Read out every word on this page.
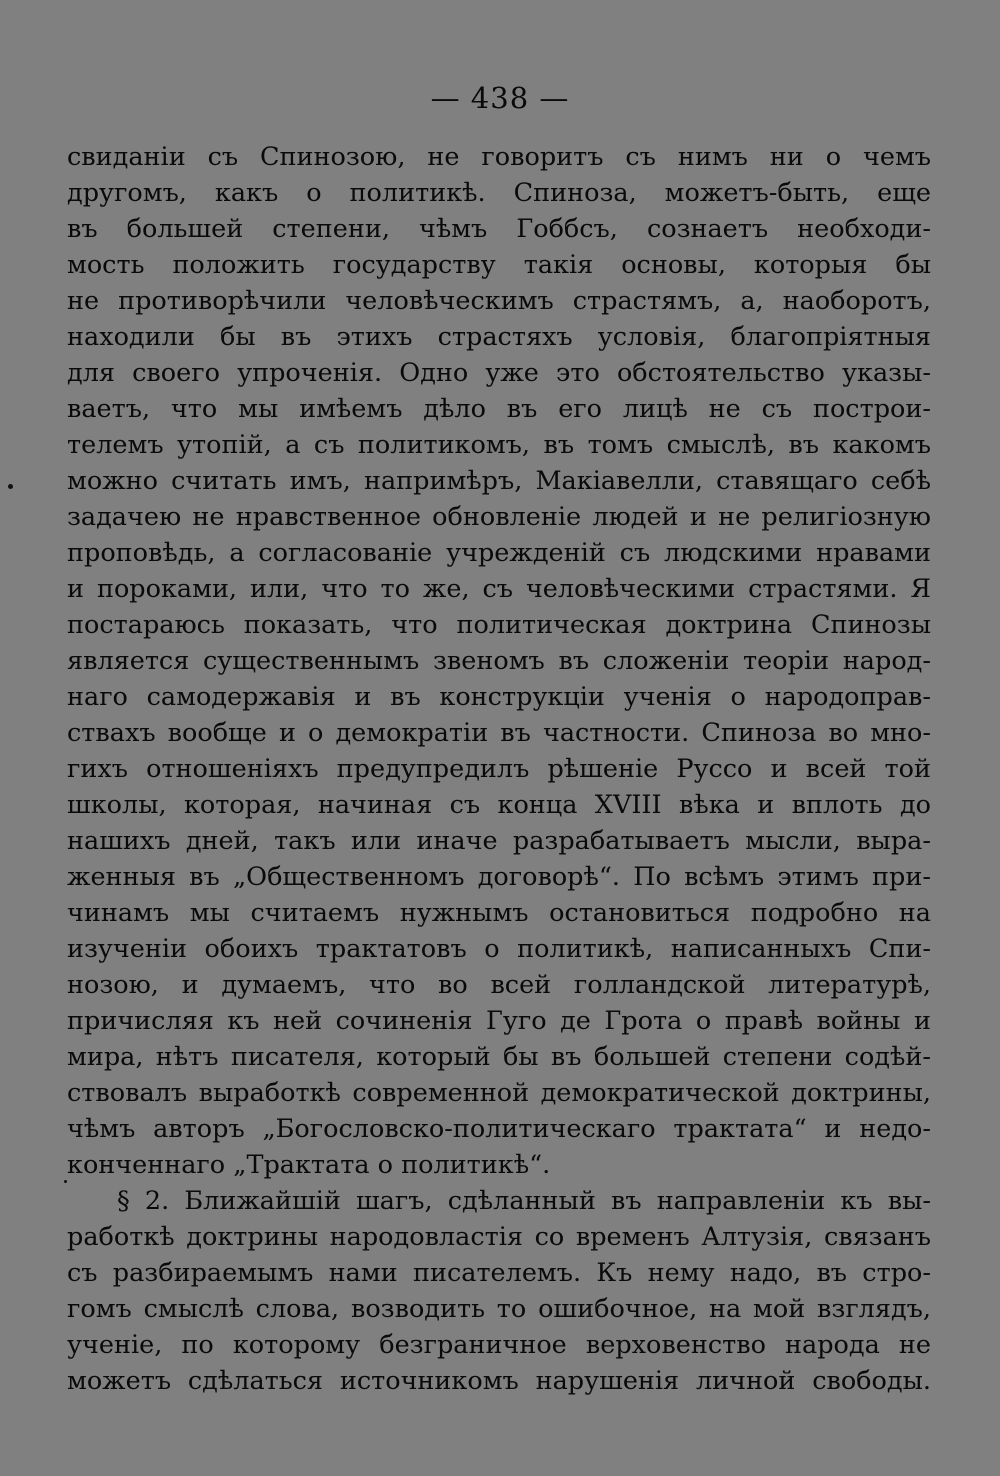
— 438 —
свиданіи съ Спинозою, не говоритъ съ нимъ ни о чемъ
другомъ, какъ о политикѣ. Спиноза, можетъ-быть, еще
въ большей степени, чѣмъ Гоббсъ, сознаетъ необходи-
мость положить государству такія основы, которыя бы
не противорѣчили человѣческимъ страстямъ, а, наоборотъ,
находили бы въ этихъ страстяхъ условія, благопріятныя
для своего упроченія. Одно уже это обстоятельство указы-
ваетъ, что мы имѣемъ дѣло въ его лицѣ не съ построи-
телемъ утопій, а съ политикомъ, въ томъ смыслѣ, въ какомъ
можно считать имъ, напримѣръ, Макіавелли, ставящаго себѣ
задачею не нравственное обновленіе людей и не религіозную
проповѣдь, а согласованіе учрежденій съ людскими нравами
и пороками, или, что то же, съ человѣческими страстями. Я
постараюсь показать, что политическая доктрина Спинозы
является существеннымъ звеномъ въ сложеніи теоріи народ-
наго самодержавія и въ конструкціи ученія о народоправ-
ствахъ вообще и о демократіи въ частности. Спиноза во мно-
гихъ отношеніяхъ предупредилъ рѣшеніе Руссо и всей той
школы, которая, начиная съ конца XVIII вѣка и вплоть до
нашихъ дней, такъ или иначе разрабатываетъ мысли, выра-
женныя въ „Общественномъ договорѣ“. По всѣмъ этимъ при-
чинамъ мы считаемъ нужнымъ остановиться подробно на
изученіи обоихъ трактатовъ о политикѣ, написанныхъ Спи-
нозою, и думаемъ, что во всей голландской литературѣ,
причисляя къ ней сочиненія Гуго де Грота о правѣ войны и
мира, нѣтъ писателя, который бы въ большей степени содѣй-
ствовалъ выработкѣ современной демократической доктрины,
чѣмъ авторъ „Богословско-политическаго трактата“ и недо-
конченнаго „Трактата о политикѣ“.
§ 2. Ближайшій шагъ, сдѣланный въ направленіи къ вы-
работкѣ доктрины народовластія со временъ Алтузія, связанъ
съ разбираемымъ нами писателемъ. Къ нему надо, въ стро-
гомъ смыслѣ слова, возводить то ошибочное, на мой взглядъ,
ученіе, по которому безграничное верховенство народа не
можетъ сдѣлаться источникомъ нарушенія личной свободы.
